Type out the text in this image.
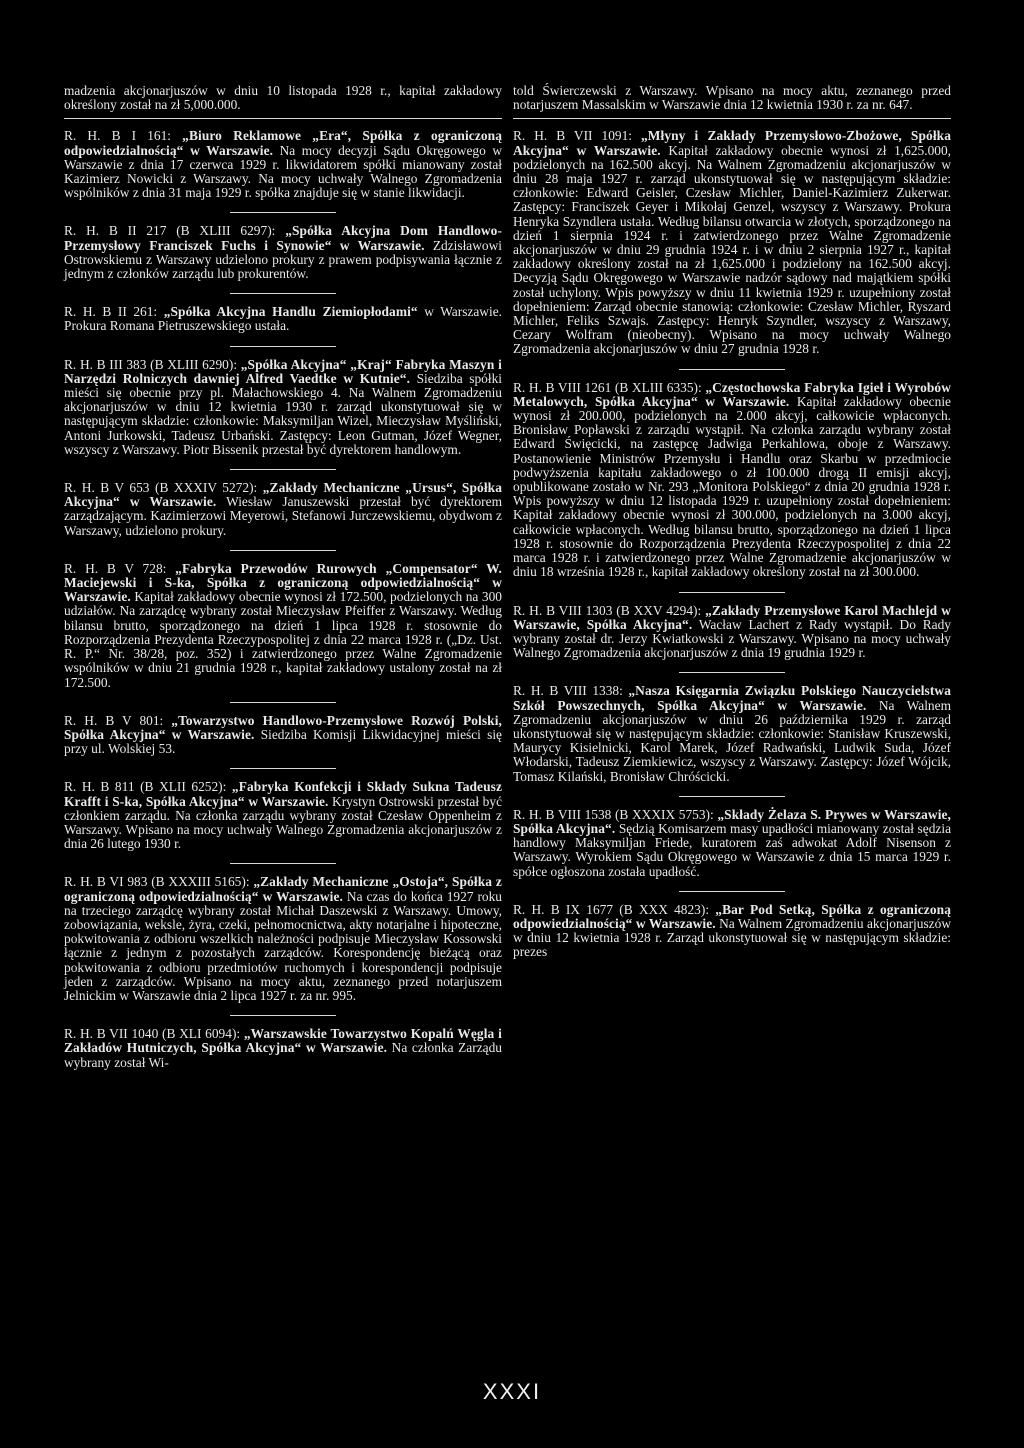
madzenia akcjonarjuszów w dniu 10 listopada 1928 r., kapitał zakładowy określony został na zł 5,000.000.

R. H. B I 161: „Biuro Reklamowe „Era“, Spółka z ograniczoną odpowiedzialnością“ w Warszawie. Na mocy decyzji Sądu Okręgowego w Warszawie z dnia 17 czerwca 1929 r. likwidatorem spółki mianowany został Kazimierz Nowicki z Warszawy. Na mocy uchwały Walnego Zgromadzenia wspólników z dnia 31 maja 1929 r. spółka znajduje się w stanie likwidacji.

R. H. B II 217 (B XLIII 6297): „Spółka Akcyjna Dom Handlowo-Przemysłowy Franciszek Fuchs i Synowie“ w Warszawie. Zdzisławowi Ostrowskiemu z Warszawy udzielono prokury z prawem podpisywania łącznie z jednym z członków zarządu lub prokurentów.

R. H. B II 261: „Spółka Akcyjna Handlu Ziemiopłodami“ w Warszawie. Prokura Romana Pietruszewskiego ustała.

R. H. B III 383 (B XLIII 6290): „Spółka Akcyjna“ „Kraj“ Fabryka Maszyn i Narzędzi Rolniczych dawniej Alfred Vaedtke w Kutnie“. Siedziba spółki mieści się obecnie przy pl. Małachowskiego 4. Na Walnem Zgromadzeniu akcjonarjuszów w dniu 12 kwietnia 1930 r. zarząd ukonstytuował się w następującym składzie: członkowie: Maksymiljan Wizel, Mieczysław Myśliński, Antoni Jurkowski, Tadeusz Urbański. Zastępcy: Leon Gutman, Józef Wegner, wszyscy z Warszawy. Piotr Bissenik przestał być dyrektorem handlowym.

R. H. B V 653 (B XXXIV 5272): „Zakłady Mechaniczne „Ursus“, Spółka Akcyjna“ w Warszawie. Wiesław Januszewski przestał być dyrektorem zarządzającym. Kazimierzowi Meyerowi, Stefanowi Jurczewskiemu, obydwom z Warszawy, udzielono prokury.

R. H. B V 728: „Fabryka Przewodów Rurowych „Compensator“ W. Maciejewski i S-ka, Spółka z ograniczoną odpowiedzialnością“ w Warszawie. Kapitał zakładowy obecnie wynosi zł 172.500, podzielonych na 300 udziałów. Na zarządcę wybrany został Mieczysław Pfeiffer z Warszawy. Według bilansu brutto, sporządzonego na dzień 1 lipca 1928 r. stosownie do Rozporządzenia Prezydenta Rzeczypospolitej z dnia 22 marca 1928 r. („Dz. Ust. R. P.“ Nr. 38/28, poz. 352) i zatwierdzonego przez Walne Zgromadzenie wspólników w dniu 21 grudnia 1928 r., kapitał zakładowy ustalony został na zł 172.500.

R. H. B V 801: „Towarzystwo Handlowo-Przemysłowe Rozwój Polski, Spółka Akcyjna“ w Warszawie. Siedziba Komisji Likwidacyjnej mieści się przy ul. Wolskiej 53.

R. H. B 811 (B XLII 6252): „Fabryka Konfekcji i Składy Sukna Tadeusz Krafft i S-ka, Spółka Akcyjna“ w Warszawie. Krystyn Ostrowski przestał być członkiem zarządu. Na członka zarządu wybrany został Czesław Oppenheim z Warszawy. Wpisano na mocy uchwały Walnego Zgromadzenia akcjonarjuszów z dnia 26 lutego 1930 r.

R. H. B VI 983 (B XXXIII 5165): „Zakłady Mechaniczne „Ostoja“, Spółka z ograniczoną odpowiedzialnością“ w Warszawie. Na czas do końca 1927 roku na trzeciego zarządcę wybrany został Michał Daszewski z Warszawy. Umowy, zobowiązania, weksle, żyra, czeki, pełnomocnictwa, akty notarjalne i hipoteczne, pokwitowania z odbioru wszelkich należności podpisuje Mieczysław Kossowski łącznie z jednym z pozostałych zarządców. Korespondencję bieżącą oraz pokwitowania z odbioru przedmiotów ruchomych i korespondencji podpisuje jeden z zarządców. Wpisano na mocy aktu, zeznanego przed notarjuszem Jelnickim w Warszawie dnia 2 lipca 1927 r. za nr. 995.

R. H. B VII 1040 (B XLI 6094): „Warszawskie Towarzystwo Kopalń Węgla i Zakładów Hutniczych, Spółka Akcyjna“ w Warszawie. Na członka Zarządu wybrany został Wi-

told Świerczewski z Warszawy. Wpisano na mocy aktu, zeznanego przed notarjuszem Massalskim w Warszawie dnia 12 kwietnia 1930 r. za nr. 647.

R. H. B VII 1091: „Młyny i Zakłady Przemysłowo-Zbożowe, Spółka Akcyjna“ w Warszawie. Kapitał zakładowy obecnie wynosi zł 1,625.000, podzielonych na 162.500 akcyj. Na Walnem Zgromadzeniu akcjonarjuszów w dniu 28 maja 1927 r. zarząd ukonstytuował się w następującym składzie: członkowie: Edward Geisler, Czesław Michler, Daniel-Kazimierz Zukerwar. Zastępcy: Franciszek Geyer i Mikołaj Genzel, wszyscy z Warszawy. Prokura Henryka Szyndlera ustała. Według bilansu otwarcia w złotych, sporządzonego na dzień 1 sierpnia 1924 r. i zatwierdzonego przez Walne Zgromadzenie akcjonarjuszów w dniu 29 grudnia 1924 r. i w dniu 2 sierpnia 1927 r., kapitał zakładowy określony został na zł 1,625.000 i podzielony na 162.500 akcyj. Decyzją Sądu Okręgowego w Warszawie nadzór sądowy nad majątkiem spółki został uchylony. Wpis powyższy w dniu 11 kwietnia 1929 r. uzupełniony został dopełnieniem: Zarząd obecnie stanowią: członkowie: Czesław Michler, Ryszard Michler, Feliks Szwajs. Zastępcy: Henryk Szyndler, wszyscy z Warszawy, Cezary Wolfram (nieobecny). Wpisano na mocy uchwały Walnego Zgromadzenia akcjonarjuszów w dniu 27 grudnia 1928 r.

R. H. B VIII 1261 (B XLIII 6335): „Częstochowska Fabryka Igieł i Wyrobów Metalowych, Spółka Akcyjna“ w Warszawie. Kapitał zakładowy obecnie wynosi zł 200.000, podzielonych na 2.000 akcyj, całkowicie wpłaconych. Bronisław Popławski z zarządu wystąpił. Na członka zarządu wybrany został Edward Święcicki, na zastępcę Jadwiga Perkahlowa, oboje z Warszawy. Postanowienie Ministrów Przemysłu i Handlu oraz Skarbu w przedmiocie podwyższenia kapitału zakładowego o zł 100.000 drogą II emisji akcyj, opublikowane zostało w Nr. 293 „Monitora Polskiego“ z dnia 20 grudnia 1928 r. Wpis powyższy w dniu 12 listopada 1929 r. uzupełniony został dopełnieniem: Kapitał zakładowy obecnie wynosi zł 300.000, podzielonych na 3.000 akcyj, całkowicie wpłaconych. Według bilansu brutto, sporządzonego na dzień 1 lipca 1928 r. stosownie do Rozporządzenia Prezydenta Rzeczypospolitej z dnia 22 marca 1928 r. i zatwierdzonego przez Walne Zgromadzenie akcjonarjuszów w dniu 18 września 1928 r., kapitał zakładowy określony został na zł 300.000.

R. H. B VIII 1303 (B XXV 4294): „Zakłady Przemysłowe Karol Machlejd w Warszawie, Spółka Akcyjna“. Wacław Lachert z Rady wystąpił. Do Rady wybrany został dr. Jerzy Kwiatkowski z Warszawy. Wpisano na mocy uchwały Walnego Zgromadzenia akcjonarjuszów z dnia 19 grudnia 1929 r.

R. H. B VIII 1338: „Nasza Księgarnia Związku Polskiego Nauczycielstwa Szkół Powszechnych, Spółka Akcyjna“ w Warszawie. Na Walnem Zgromadzeniu akcjonarjuszów w dniu 26 października 1929 r. zarząd ukonstytuował się w następującym składzie: członkowie: Stanisław Kruszewski, Maurycy Kisielnicki, Karol Marek, Józef Radwański, Ludwik Suda, Józef Włodarski, Tadeusz Ziemkiewicz, wszyscy z Warszawy. Zastępcy: Józef Wójcik, Tomasz Kilański, Bronisław Chróścicki.

R. H. B VIII 1538 (B XXXIX 5753): „Składy Żelaza S. Prywes w Warszawie, Spółka Akcyjna“. Sędzią Komisarzem masy upadłości mianowany został sędzia handlowy Maksymiljan Friede, kuratorem zaś adwokat Adolf Nisenson z Warszawy. Wyrokiem Sądu Okręgowego w Warszawie z dnia 15 marca 1929 r. spółce ogłoszona została upadłość.

R. H. B IX 1677 (B XXX 4823): „Bar Pod Setką, Spółka z ograniczoną odpowiedzialnością“ w Warszawie. Na Walnem Zgromadzeniu akcjonarjuszów w dniu 12 kwietnia 1928 r. Zarząd ukonstytuował się w następującym składzie: prezes

XXXI
